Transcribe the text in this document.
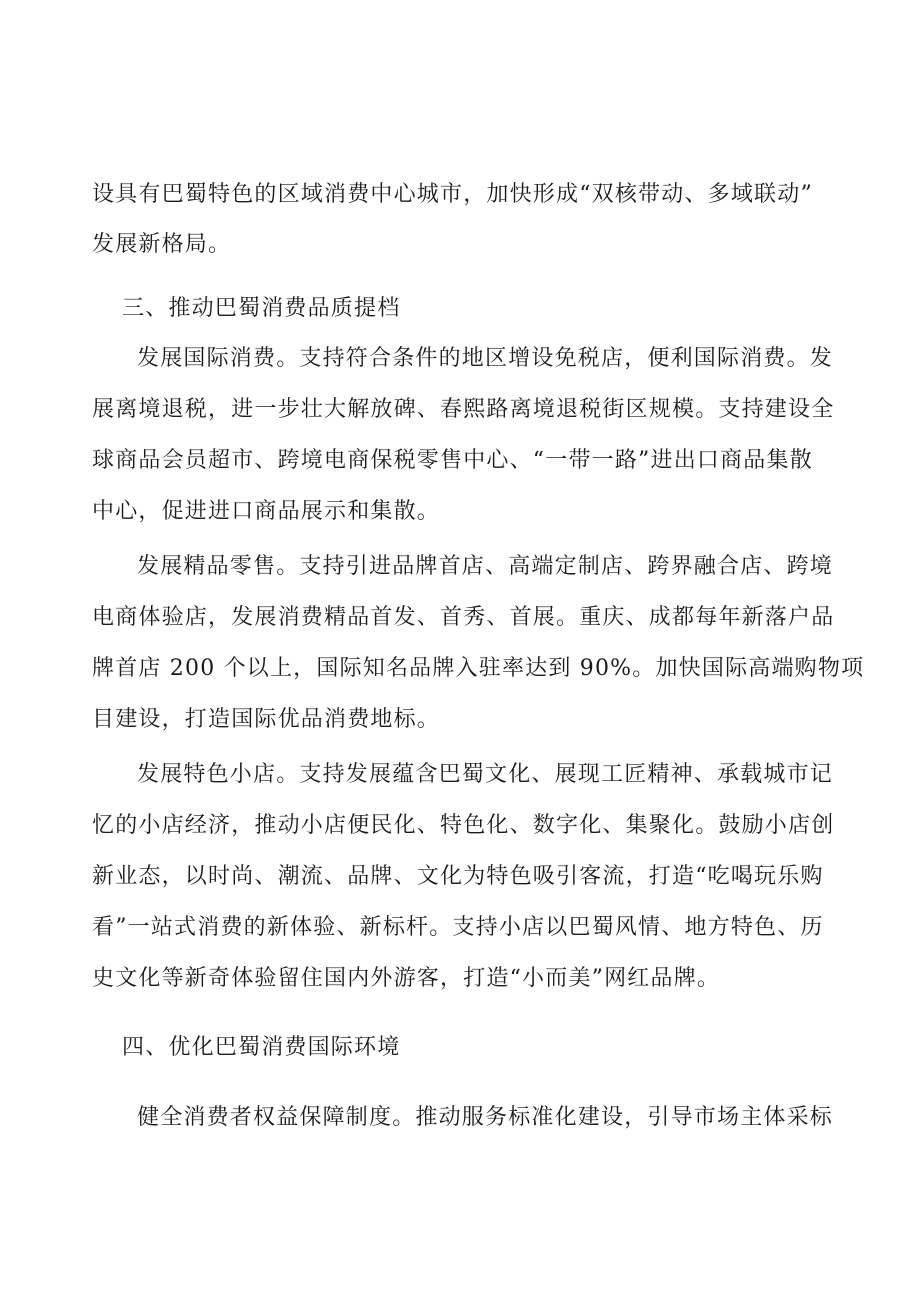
设具有巴蜀特色的区域消费中心城市，加快形成“双核带动、多域联动”
发展新格局。
三、推动巴蜀消费品质提档
发展国际消费。支持符合条件的地区增设免税店，便利国际消费。发
展离境退税，进一步壮大解放碑、春熙路离境退税街区规模。支持建设全
球商品会员超市、跨境电商保税零售中心、“一带一路”进出口商品集散
中心，促进进口商品展示和集散。
发展精品零售。支持引进品牌首店、高端定制店、跨界融合店、跨境
电商体验店，发展消费精品首发、首秀、首展。重庆、成都每年新落户品
牌首店 200 个以上，国际知名品牌入驻率达到 90%。加快国际高端购物项
目建设，打造国际优品消费地标。
发展特色小店。支持发展蕴含巴蜀文化、展现工匠精神、承载城市记
忆的小店经济，推动小店便民化、特色化、数字化、集聚化。鼓励小店创
新业态，以时尚、潮流、品牌、文化为特色吸引客流，打造“吃喝玩乐购
看”一站式消费的新体验、新标杆。支持小店以巴蜀风情、地方特色、历
史文化等新奇体验留住国内外游客，打造“小而美”网红品牌。
四、优化巴蜀消费国际环境
健全消费者权益保障制度。推动服务标准化建设，引导市场主体采标
